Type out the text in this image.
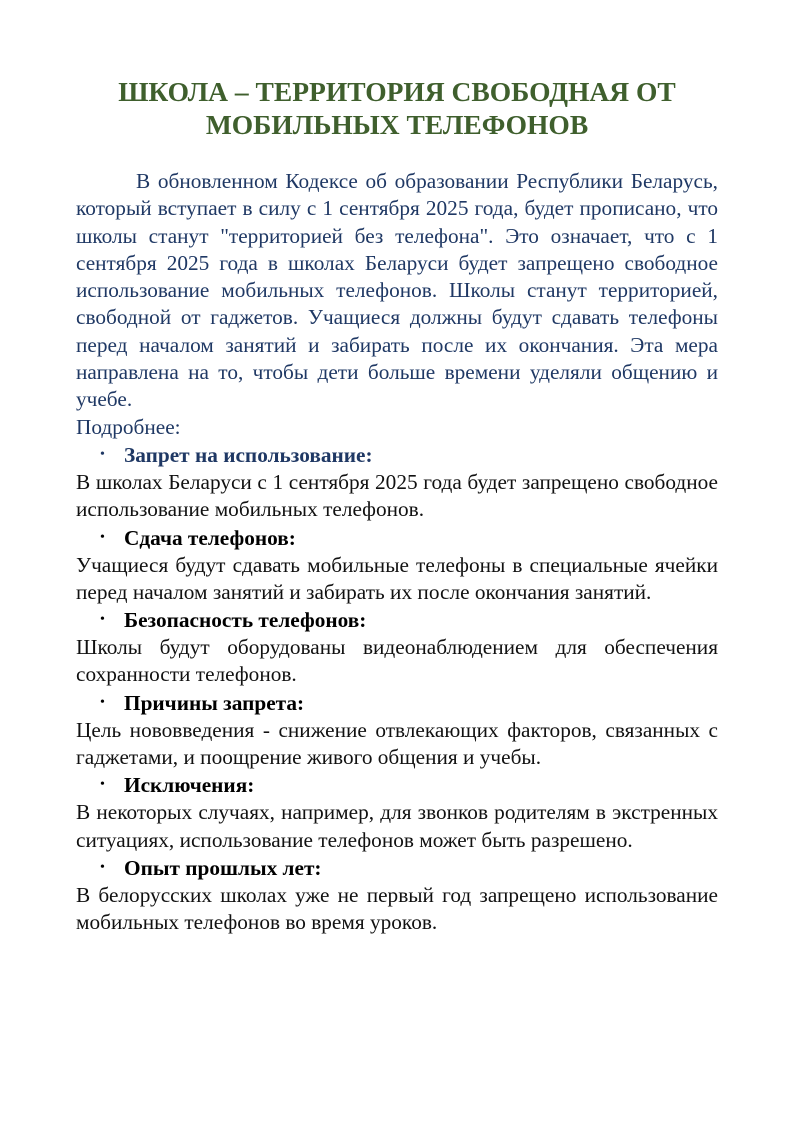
ШКОЛА – ТЕРРИТОРИЯ СВОБОДНАЯ ОТ МОБИЛЬНЫХ ТЕЛЕФОНОВ

В обновленном Кодексе об образовании Республики Беларусь, который вступает в силу с 1 сентября 2025 года, будет прописано, что школы станут "территорией без телефона". Это означает, что с 1 сентября 2025 года в школах Беларуси будет запрещено свободное использование мобильных телефонов. Школы станут территорией, свободной от гаджетов. Учащиеся должны будут сдавать телефоны перед началом занятий и забирать после их окончания. Эта мера направлена на то, чтобы дети больше времени уделяли общению и учебе.

Подробнее:

• Запрет на использование:

В школах Беларуси с 1 сентября 2025 года будет запрещено свободное использование мобильных телефонов.

• Сдача телефонов:

Учащиеся будут сдавать мобильные телефоны в специальные ячейки перед началом занятий и забирать их после окончания занятий.

• Безопасность телефонов:

Школы будут оборудованы видеонаблюдением для обеспечения сохранности телефонов.

• Причины запрета:

Цель нововведения - снижение отвлекающих факторов, связанных с гаджетами, и поощрение живого общения и учебы.

• Исключения:

В некоторых случаях, например, для звонков родителям в экстренных ситуациях, использование телефонов может быть разрешено.

• Опыт прошлых лет:

В белорусских школах уже не первый год запрещено использование мобильных телефонов во время уроков.
